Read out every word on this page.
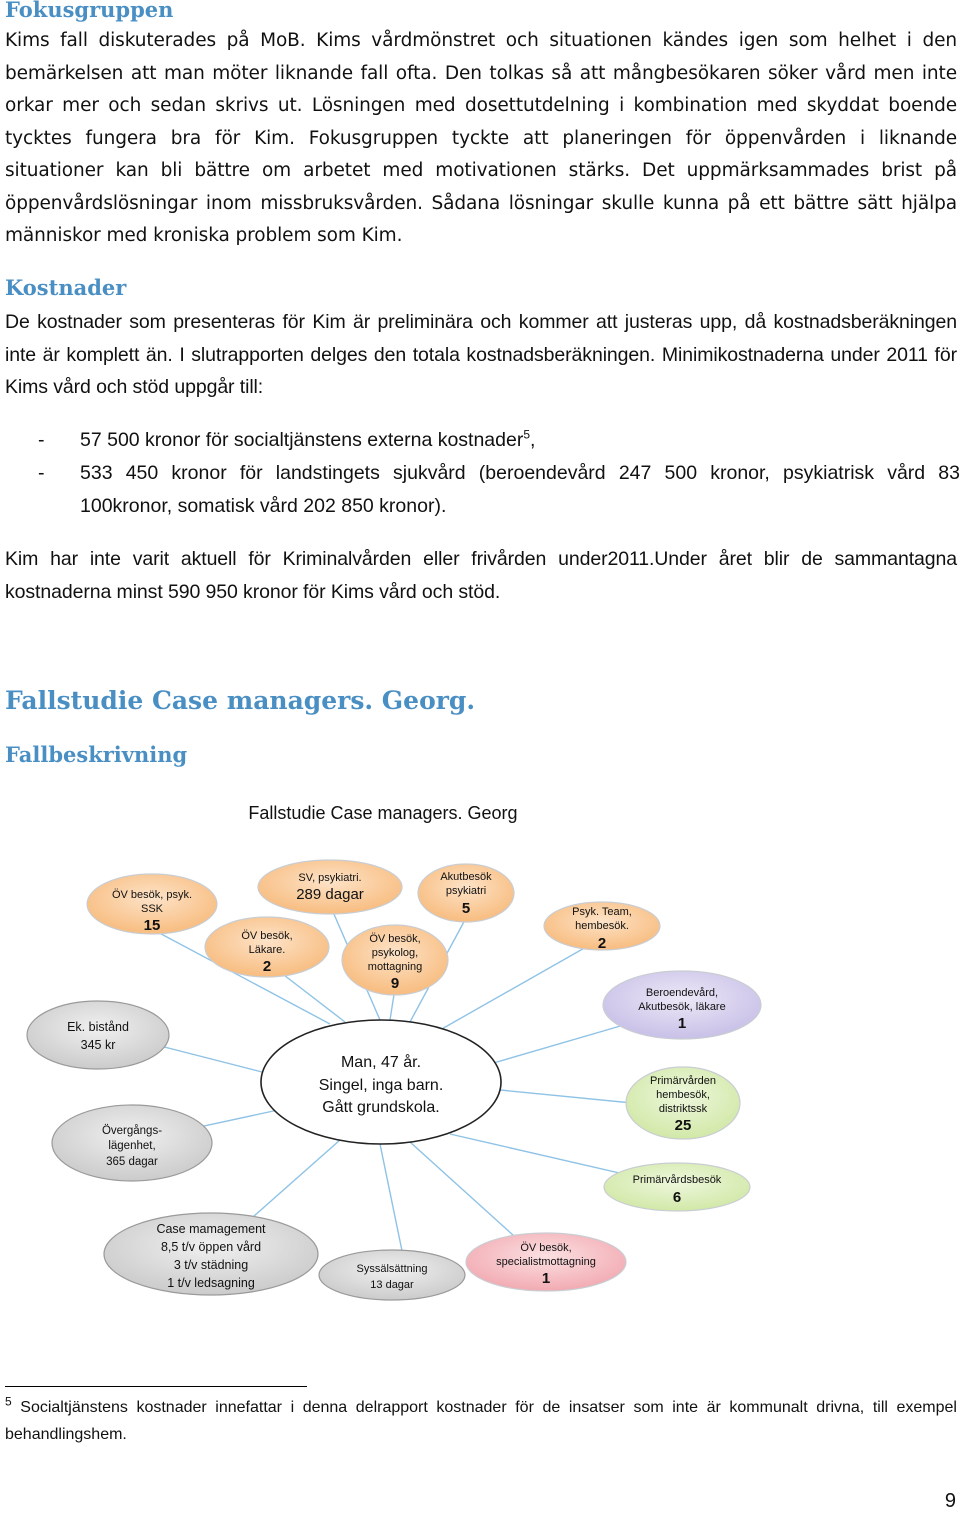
Fokusgruppen

Kims fall diskuterades på MoB. Kims vårdmönstret och situationen kändes igen som helhet i den bemärkelsen att man möter liknande fall ofta. Den tolkas så att mångbesökaren söker vård men inte orkar mer och sedan skrivs ut. Lösningen med dosettutdelning i kombination med skyddat boende tycktes fungera bra för Kim. Fokusgruppen tyckte att planeringen för öppenvården i liknande situationer kan bli bättre om arbetet med motivationen stärks. Det uppmärksammades brist på öppenvårdslösningar inom missbruksvården. Sådana lösningar skulle kunna på ett bättre sätt hjälpa människor med kroniska problem som Kim.

Kostnader

De kostnader som presenteras för Kim är preliminära och kommer att justeras upp, då kostnadsberäkningen inte är komplett än. I slutrapporten delges den totala kostnadsberäkningen. Minimikostnaderna under 2011 för Kims vård och stöd uppgår till:

- 57 500 kronor för socialtjänstens externa kostnader$^5$,
- 533 450 kronor för landstingets sjukvård (beroendevård 247 500 kronor, psykiatrisk vård 83 100kronor, somatisk vård 202 850 kronor).

Kim har inte varit aktuell för Kriminalvården eller frivården under2011.Under året blir de sammantagna kostnaderna minst 590 950 kronor för Kims vård och stöd.

Fallstudie Case managers. Georg.
Fallbeskrivning
Fallstudie Case managers. Georg
ÖV besök, psyk.
SSK
15
ÖV besök,
Läkare.
2
SV, psykiatri.
289 dagar
ÖV besök,
psykolog,
mottagning
9
Akutbesök
psykiatri
5	Psyk. Team,
hembesök.
2
Beroendevård,
Akutbesök, läkare
1
Primärvården
hembesök,
distriktssk
25
Primärvårdsbesök
6
ÖV besök,
specialistmottagning
1
Syssälsättning
13 dagar
Case mamagement
8,5 t/v öppen vård
3 t/v städning
1 t/v ledsagning
Övergångs-
lägenhet,
365 dagar
Ek. bistånd
345 kr
Man, 47 år.
Singel, inga barn.
Gått grundskola.
$^5$ Socialtjänstens kostnader innefattar i denna delrapport kostnader för de insatser som inte är kommunalt drivna, till exempel behandlingshem.
9
